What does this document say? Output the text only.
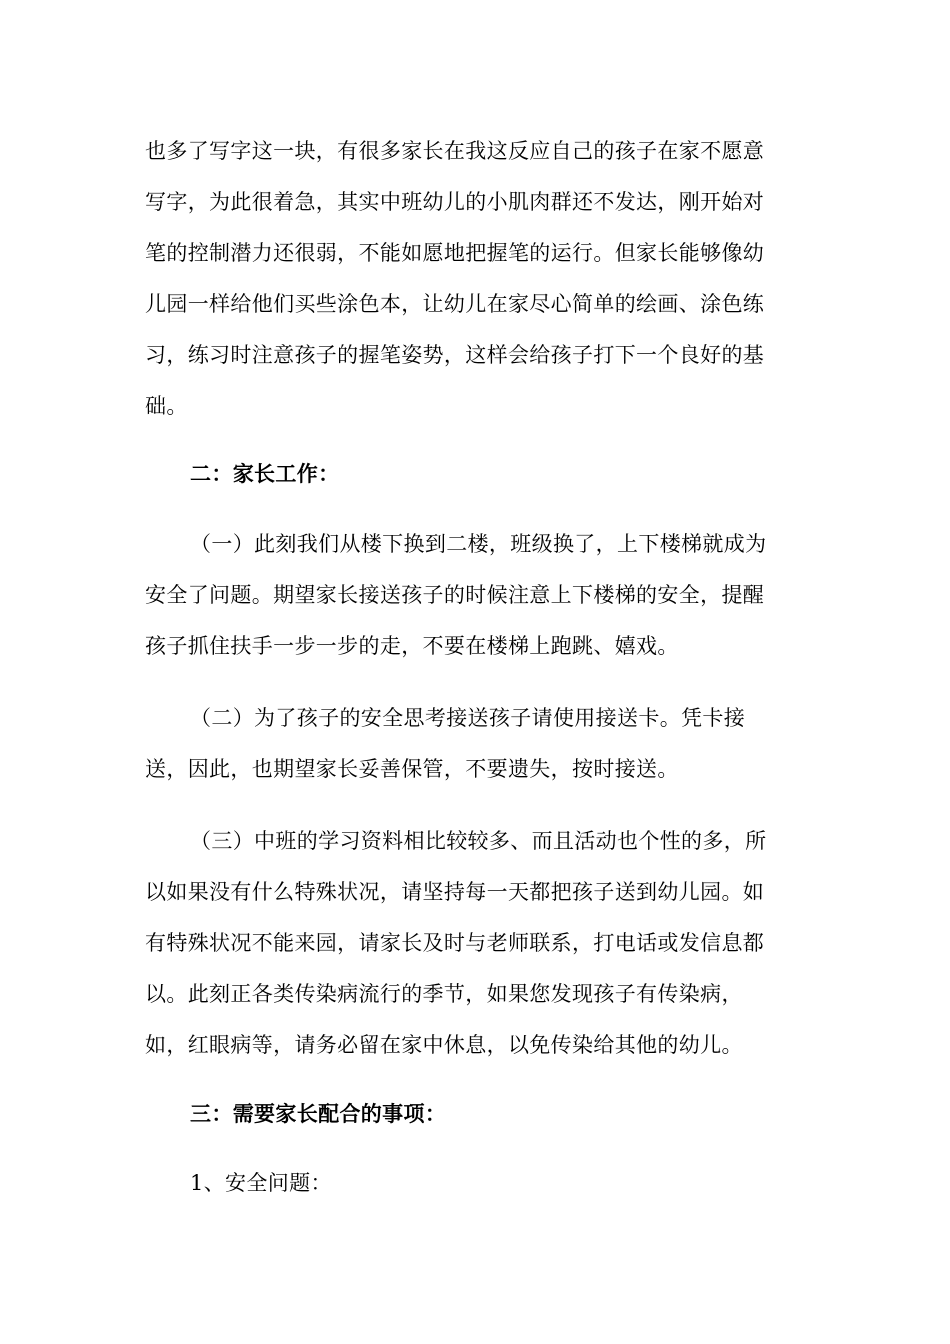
也多了写字这一块，有很多家长在我这反应自己的孩子在家不愿意

写字，为此很着急，其实中班幼儿的小肌肉群还不发达，刚开始对

笔的控制潜力还很弱，不能如愿地把握笔的运行。但家长能够像幼

儿园一样给他们买些涂色本，让幼儿在家尽心简单的绘画、涂色练

习，练习时注意孩子的握笔姿势，这样会给孩子打下一个良好的基

础。

二：家长工作：

（一）此刻我们从楼下换到二楼，班级换了，上下楼梯就成为

安全了问题。期望家长接送孩子的时候注意上下楼梯的安全，提醒

孩子抓住扶手一步一步的走，不要在楼梯上跑跳、嬉戏。

（二）为了孩子的安全思考接送孩子请使用接送卡。凭卡接

送，因此，也期望家长妥善保管，不要遗失，按时接送。

（三）中班的学习资料相比较较多、而且活动也个性的多，所

以如果没有什么特殊状况，请坚持每一天都把孩子送到幼儿园。如

有特殊状况不能来园，请家长及时与老师联系，打电话或发信息都

以。此刻正各类传染病流行的季节，如果您发现孩子有传染病，

如，红眼病等，请务必留在家中休息，以免传染给其他的幼儿。

三：需要家长配合的事项：

1、安全问题：
